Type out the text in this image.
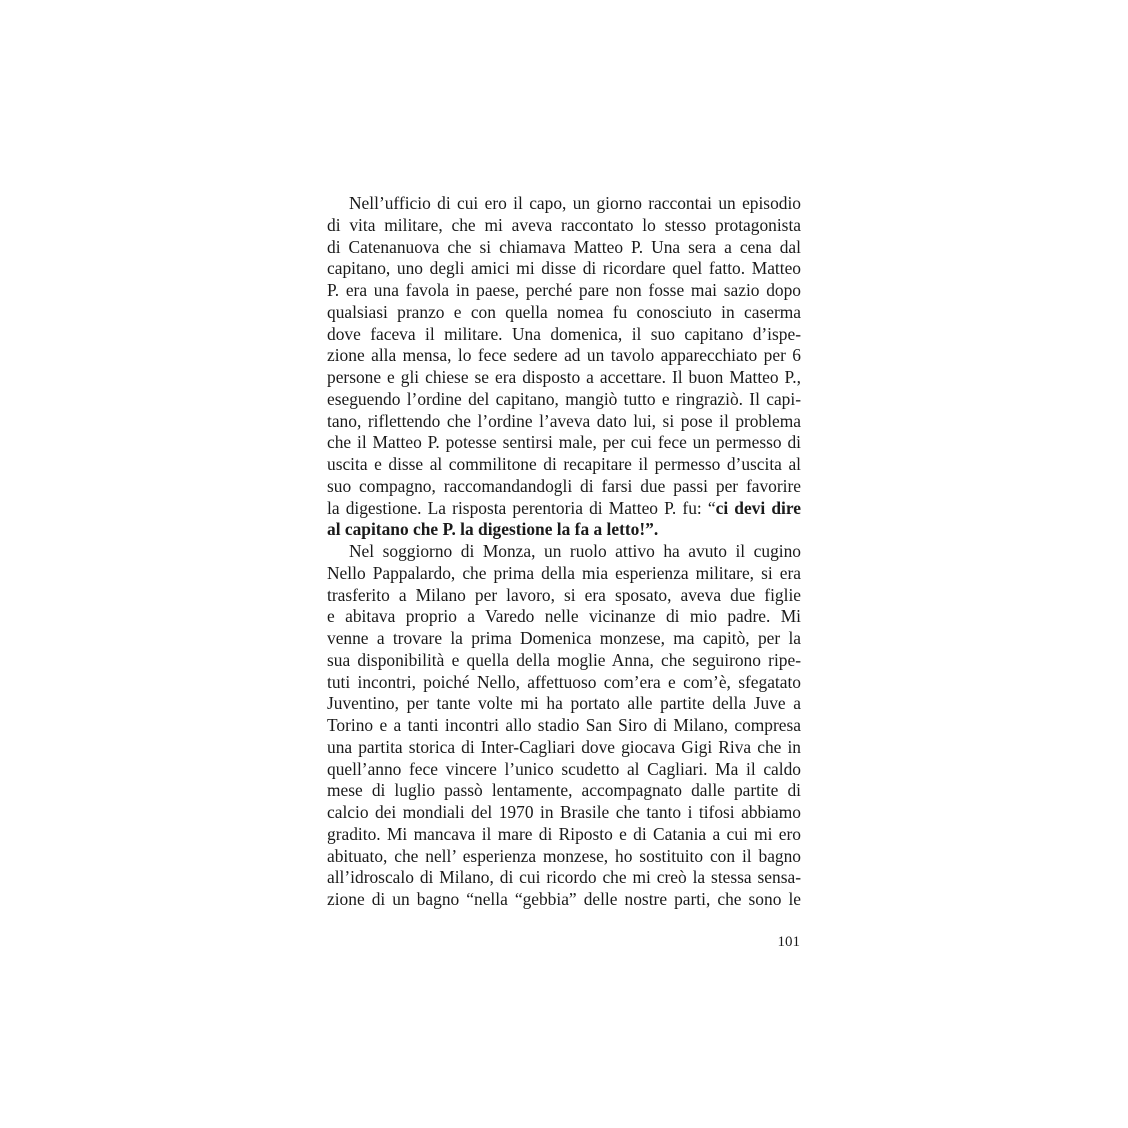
Nell’ufficio di cui ero il capo, un giorno raccontai un episodio
di vita militare, che mi aveva raccontato lo stesso protagonista
di Catenanuova che si chiamava Matteo P. Una sera a cena dal
capitano, uno degli amici mi disse di ricordare quel fatto. Matteo
P. era una favola in paese, perché pare non fosse mai sazio dopo
qualsiasi pranzo e con quella nomea fu conosciuto in caserma
dove faceva il militare. Una domenica, il suo capitano d’ispe-
zione alla mensa, lo fece sedere ad un tavolo apparecchiato per 6
persone e gli chiese se era disposto a accettare. Il buon Matteo P.,
eseguendo l’ordine del capitano, mangiò tutto e ringraziò. Il capi-
tano, riflettendo che l’ordine l’aveva dato lui, si pose il problema
che il Matteo P. potesse sentirsi male, per cui fece un permesso di
uscita e disse al commilitone di recapitare il permesso d’uscita al
suo compagno, raccomandandogli di farsi due passi per favorire
la digestione. La risposta perentoria di Matteo P. fu: “ci devi dire
al capitano che P. la digestione la fa a letto!”.
Nel soggiorno di Monza, un ruolo attivo ha avuto il cugino
Nello Pappalardo, che prima della mia esperienza militare, si era
trasferito a Milano per lavoro, si era sposato, aveva due figlie
e abitava proprio a Varedo nelle vicinanze di mio padre. Mi
venne a trovare la prima Domenica monzese, ma capitò, per la
sua disponibilità e quella della moglie Anna, che seguirono ripe-
tuti incontri, poiché Nello, affettuoso com’era e com’è, sfegatato
Juventino, per tante volte mi ha portato alle partite della Juve a
Torino e a tanti incontri allo stadio San Siro di Milano, compresa
una partita storica di Inter-Cagliari dove giocava Gigi Riva che in
quell’anno fece vincere l’unico scudetto al Cagliari. Ma il caldo
mese di luglio passò lentamente, accompagnato dalle partite di
calcio dei mondiali del 1970 in Brasile che tanto i tifosi abbiamo
gradito. Mi mancava il mare di Riposto e di Catania a cui mi ero
abituato, che nell’ esperienza monzese, ho sostituito con il bagno
all’idroscalo di Milano, di cui ricordo che mi creò la stessa sensa-
zione di un bagno “nella “gebbia” delle nostre parti, che sono le
101
